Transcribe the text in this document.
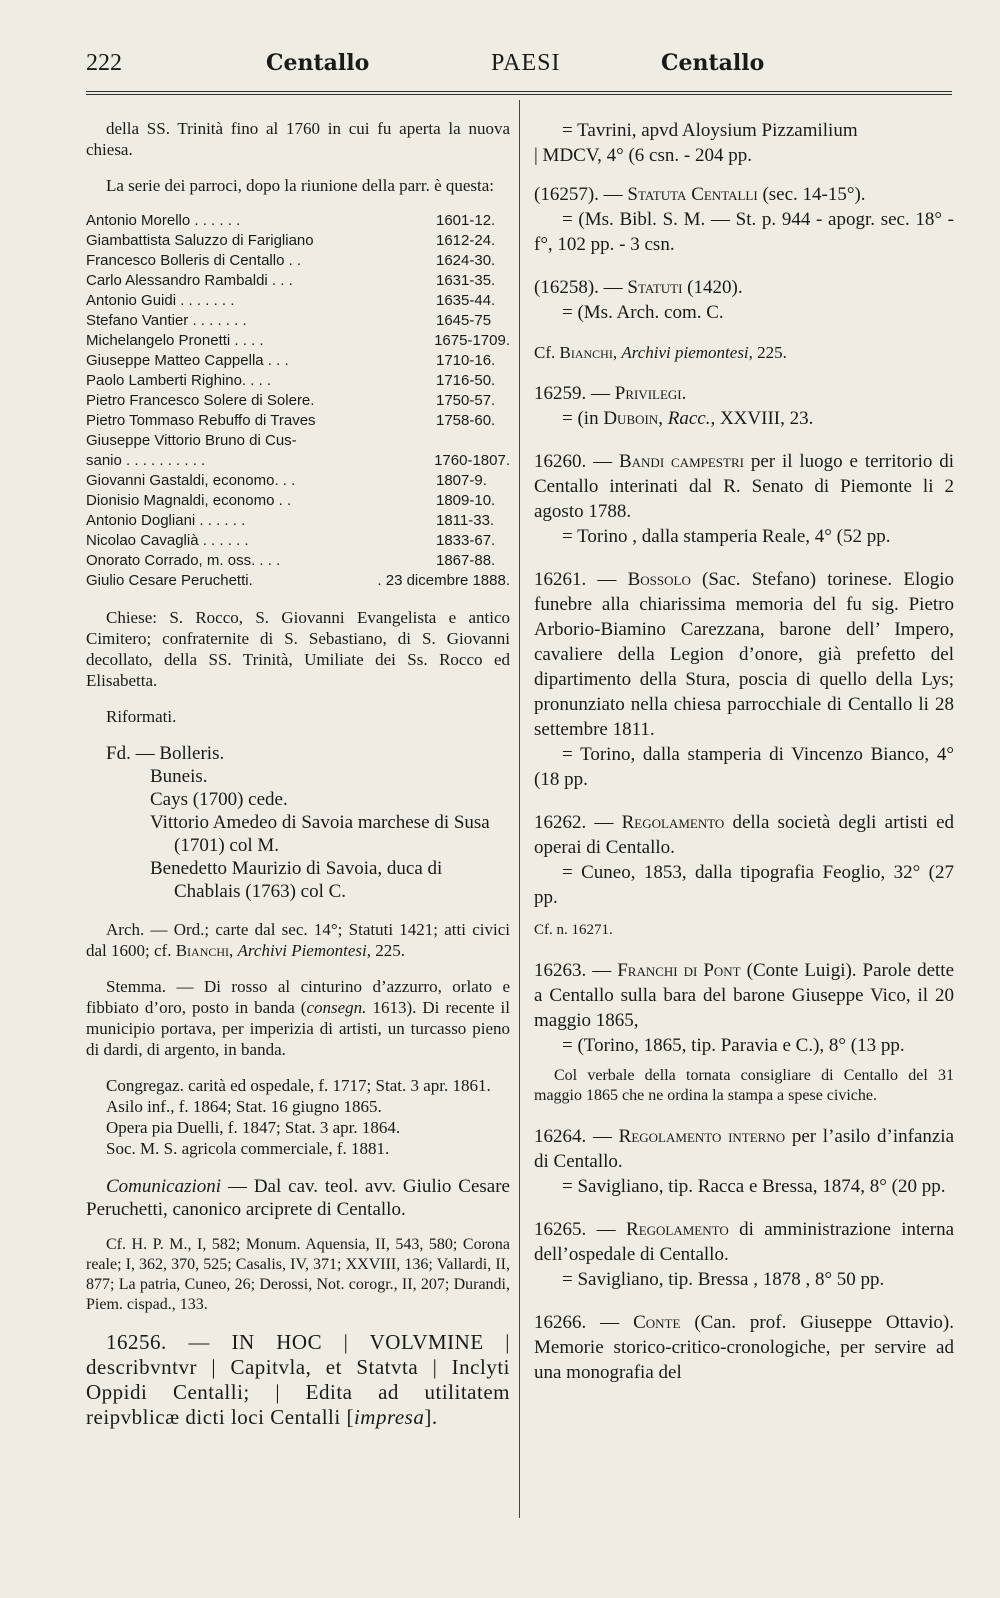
222	Centallo	PAESI	Centallo

della SS. Trinità fino al 1760 in cui fu aperta la nuova chiesa.

La serie dei parroci, dopo la riunione della parr. è questa:

Antonio Morello . . . . . .	1601-12.
Giambattista Saluzzo di Farigliano	1612-24.
Francesco Bolleris di Centallo . .	1624-30.
Carlo Alessandro Rambaldi . . .	1631-35.
Antonio Guidi . . . . . . .	1635-44.
Stefano Vantier . . . . . . .	1645-75
Michelangelo Pronetti . . . .	1675-1709.
Giuseppe Matteo Cappella . . .	1710-16.
Paolo Lamberti Righino. . . .	1716-50.
Pietro Francesco Solere di Solere.	1750-57.
Pietro Tommaso Rebuffo di Traves	1758-60.
Giuseppe Vittorio Bruno di Cus-
sanio . . . . . . . . . .	1760-1807.
Giovanni Gastaldi, economo. . .	1807-9.
Dionisio Magnaldi, economo . .	1809-10.
Antonio Dogliani . . . . . .	1811-33.
Nicolao Cavaglià . . . . . .	1833-67.
Onorato Corrado, m. oss. . . .	1867-88.
Giulio Cesare Peruchetti.	. 23 dicembre 1888.

Chiese: S. Rocco, S. Giovanni Evangelista e antico Cimitero; confraternite di S. Sebastiano, di S. Giovanni decollato, della SS. Trinità, Umiliate dei Ss. Rocco ed Elisabetta.

Riformati.

Fd. — Bolleris.
Buneis.
Cays (1700) cede.
Vittorio Amedeo di Savoia marchese di Susa (1701) col M.
Benedetto Maurizio di Savoia, duca di Chablais (1763) col C.

Arch. — Ord.; carte dal sec. 14°; Statuti 1421; atti civici dal 1600; cf. Bianchi, Archivi Piemontesi, 225.

Stemma. — Di rosso al cinturino d’azzurro, orlato e fibbiato d’oro, posto in banda (consegn. 1613). Di recente il municipio portava, per imperizia di artisti, un turcasso pieno di dardi, di argento, in banda.

Congregaz. carità ed ospedale, f. 1717; Stat. 3 apr. 1861.
Asilo inf., f. 1864; Stat. 16 giugno 1865.
Opera pia Duelli, f. 1847; Stat. 3 apr. 1864.
Soc. M. S. agricola commerciale, f. 1881.

Comunicazioni — Dal cav. teol. avv. Giulio Cesare Peruchetti, canonico arciprete di Centallo.

Cf. H. P. M., I, 582; Monum. Aquensia, II, 543, 580; Corona reale; I, 362, 370, 525; Casalis, IV, 371; XXVIII, 136; Vallardi, II, 877; La patria, Cuneo, 26; Derossi, Not. corogr., II, 207; Durandi, Piem. cispad., 133.

16256. — IN HOC | VOLVMINE | describvntvr | Capitvla, et Statvta | Inclyti Oppidi Centalli; | Edita ad utilitatem reipvblicæ dicti loci Centalli [impresa].

= Tavrini, apvd Aloysium Pizzamilium
| MDCV, 4° (6 csn. - 204 pp.
(16257). — Statuta Centalli (sec. 14-15°).
= (Ms. Bibl. S. M. — St. p. 944 - apogr. sec. 18° - f°, 102 pp. - 3 csn.
(16258). — Statuti (1420).
= (Ms. Arch. com. C.
Cf. Bianchi, Archivi piemontesi, 225.
16259. — Privilegi.
= (in Duboin, Racc., XXVIII, 23.
16260. — Bandi campestri per il luogo e territorio di Centallo interinati dal R. Senato di Piemonte li 2 agosto 1788.
= Torino , dalla stamperia Reale, 4° (52 pp.
16261. — Bossolo (Sac. Stefano) torinese. Elogio funebre alla chiarissima memoria del fu sig. Pietro Arborio-Biamino Carezzana, barone dell’ Impero, cavaliere della Legion d’onore, già prefetto del dipartimento della Stura, poscia di quello della Lys; pronunziato nella chiesa parrocchiale di Centallo li 28 settembre 1811.
= Torino, dalla stamperia di Vincenzo Bianco, 4° (18 pp.
16262. — Regolamento della società degli artisti ed operai di Centallo.
= Cuneo, 1853, dalla tipografia Feoglio, 32° (27 pp.
Cf. n. 16271.
16263. — Franchi di Pont (Conte Luigi). Parole dette a Centallo sulla bara del barone Giuseppe Vico, il 20 maggio 1865,
= (Torino, 1865, tip. Paravia e C.), 8° (13 pp.
Col verbale della tornata consigliare di Centallo del 31 maggio 1865 che ne ordina la stampa a spese civiche.
16264. — Regolamento interno per l’asilo d’infanzia di Centallo.
= Savigliano, tip. Racca e Bressa, 1874, 8° (20 pp.
16265. — Regolamento di amministrazione interna dell’ospedale di Centallo.
= Savigliano, tip. Bressa , 1878 , 8° 50 pp.
16266. — Conte (Can. prof. Giuseppe Ottavio). Memorie storico-critico-cronologiche, per servire ad una monografia del
